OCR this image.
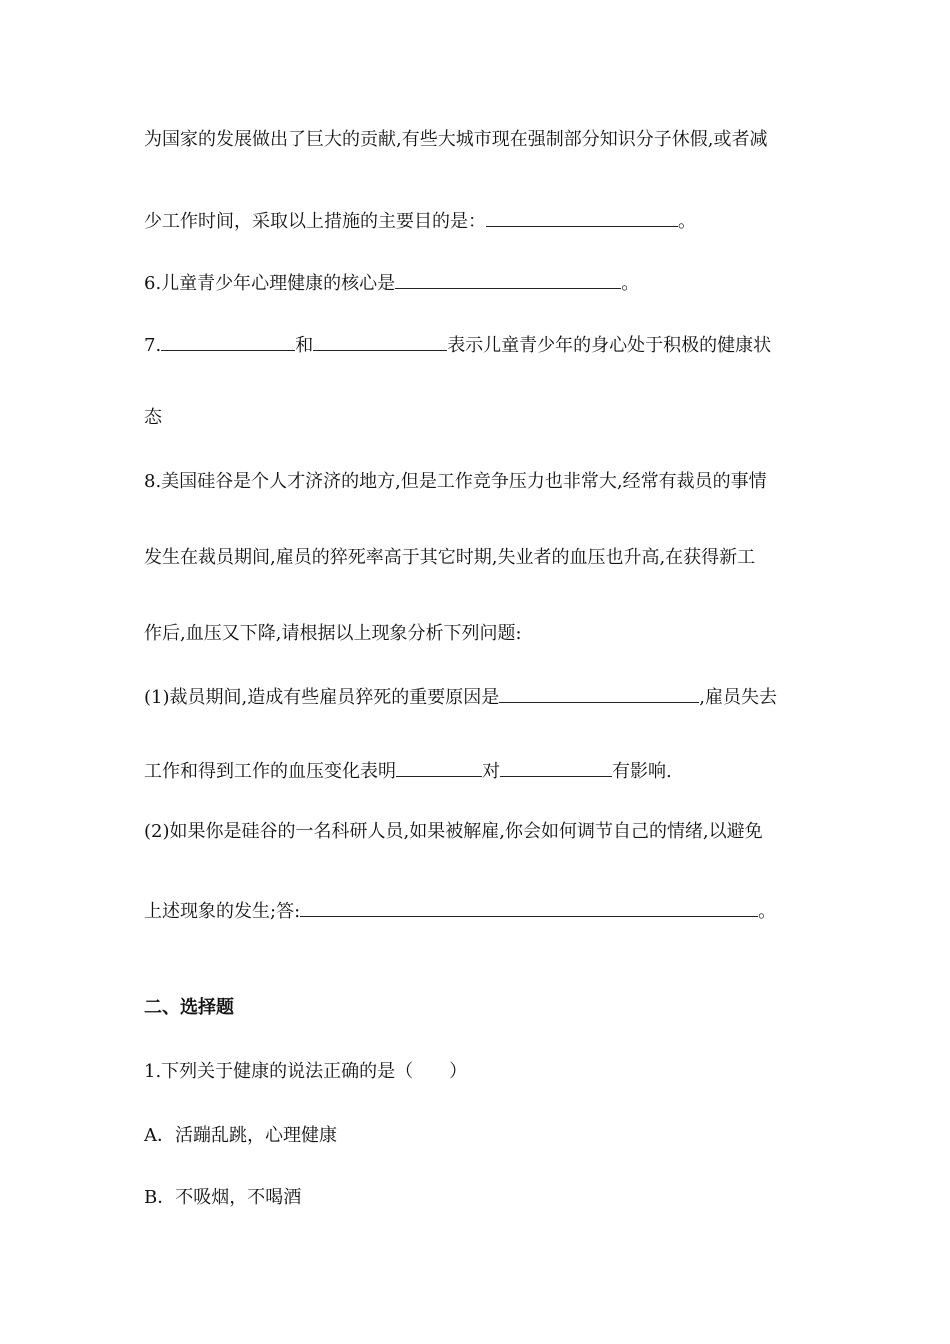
为国家的发展做出了巨大的贡献,有些大城市现在强制部分知识分子休假,或者减
少工作时间，采取以上措施的主要目的是：	。
6.儿童青少年心理健康的核心是	。
7.	和	表示儿童青少年的身心处于积极的健康状
态
8.美国硅谷是个人才济济的地方,但是工作竞争压力也非常大,经常有裁员的事情
发生在裁员期间,雇员的猝死率高于其它时期,失业者的血压也升高,在获得新工
作后,血压又下降,请根据以上现象分析下列问题:
(1)裁员期间,造成有些雇员猝死的重要原因是	,雇员失去
工作和得到工作的血压变化表明	对	有影响.
(2)如果你是硅谷的一名科研人员,如果被解雇,你会如何调节自己的情绪,以避免
上述现象的发生;答:	。
二、选择题
1.下列关于健康的说法正确的是（　　）
A．活蹦乱跳，心理健康
B．不吸烟，不喝酒
